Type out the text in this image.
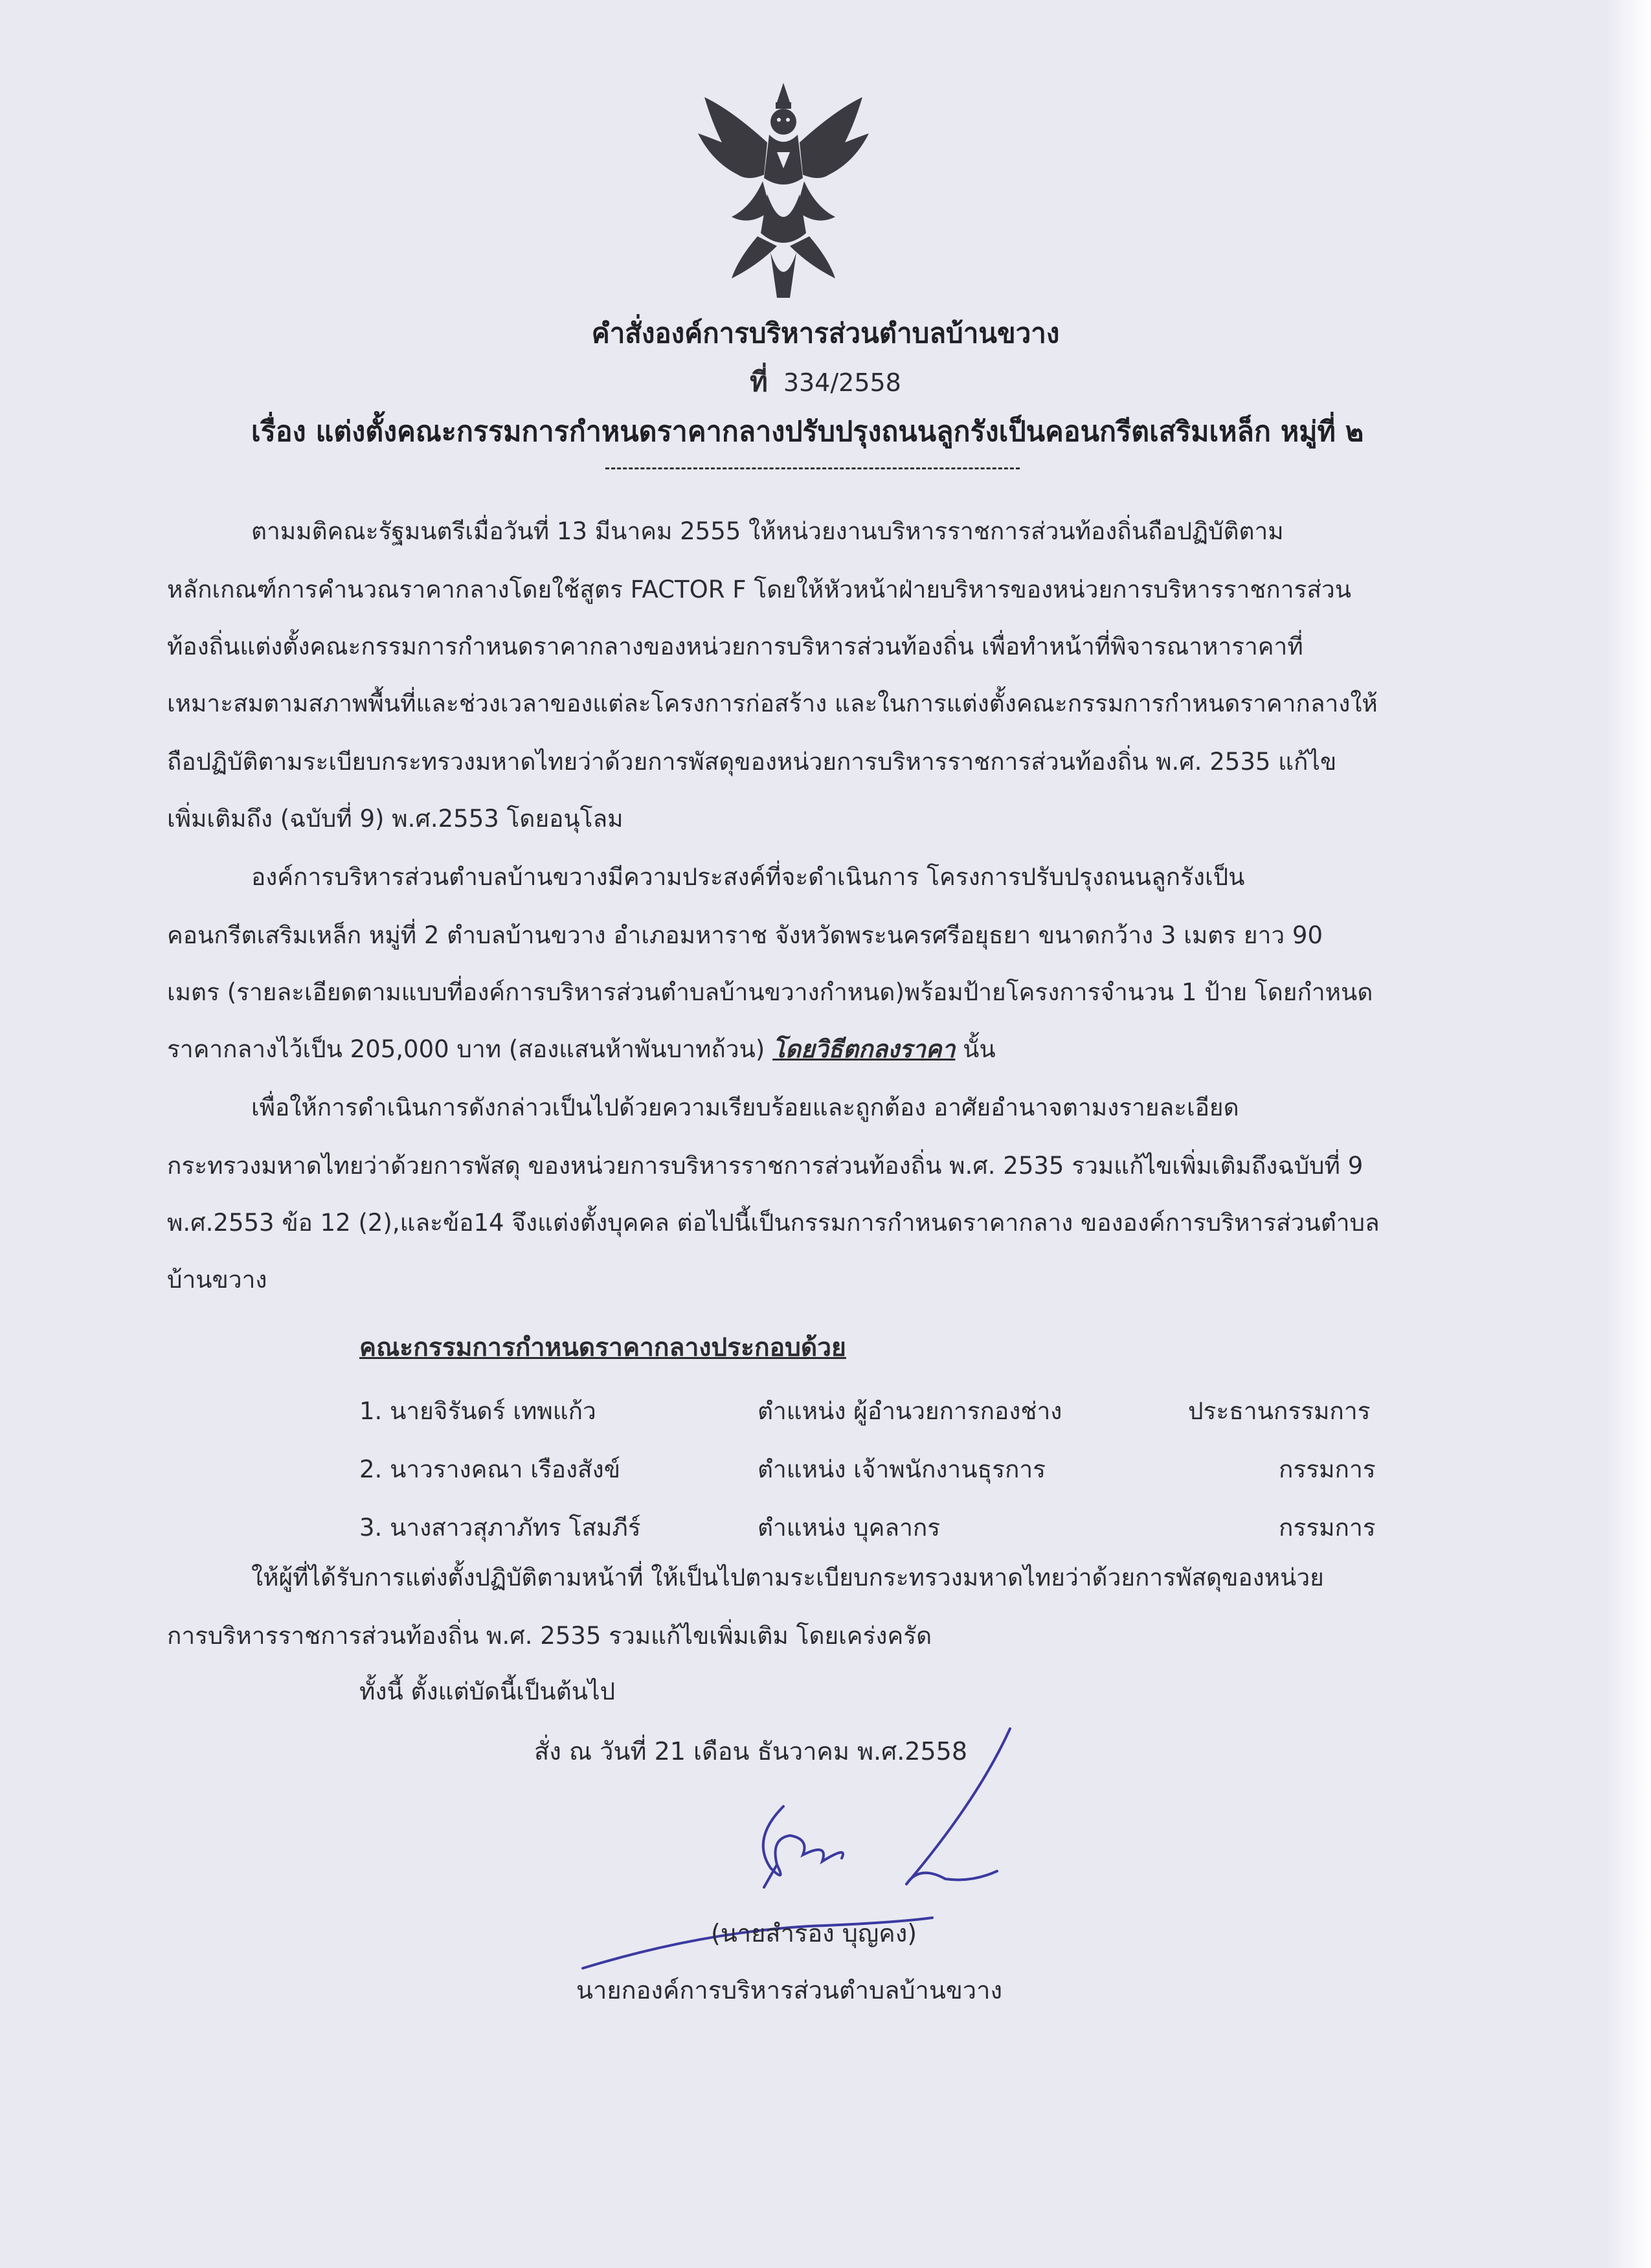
คำสั่งองค์การบริหารส่วนตำบลบ้านขวาง
ที่ 334/2558
เรื่อง แต่งตั้งคณะกรรมการกำหนดราคากลางปรับปรุงถนนลูกรังเป็นคอนกรีตเสริมเหล็ก หมู่ที่ ๒
ตามมติคณะรัฐมนตรีเมื่อวันที่ 13 มีนาคม 2555 ให้หน่วยงานบริหารราชการส่วนท้องถิ่นถือปฏิบัติตาม
หลักเกณฑ์การคำนวณราคากลางโดยใช้สูตร FACTOR F โดยให้หัวหน้าฝ่ายบริหารของหน่วยการบริหารราชการส่วน
ท้องถิ่นแต่งตั้งคณะกรรมการกำหนดราคากลางของหน่วยการบริหารส่วนท้องถิ่น เพื่อทำหน้าที่พิจารณาหาราคาที่
เหมาะสมตามสภาพพื้นที่และช่วงเวลาของแต่ละโครงการก่อสร้าง และในการแต่งตั้งคณะกรรมการกำหนดราคากลางให้
ถือปฏิบัติตามระเบียบกระทรวงมหาดไทยว่าด้วยการพัสดุของหน่วยการบริหารราชการส่วนท้องถิ่น พ.ศ. 2535 แก้ไข
เพิ่มเติมถึง (ฉบับที่ 9) พ.ศ.2553 โดยอนุโลม
องค์การบริหารส่วนตำบลบ้านขวางมีความประสงค์ที่จะดำเนินการ โครงการปรับปรุงถนนลูกรังเป็น
คอนกรีตเสริมเหล็ก หมู่ที่ 2 ตำบลบ้านขวาง อำเภอมหาราช จังหวัดพระนครศรีอยุธยา ขนาดกว้าง 3 เมตร ยาว 90
เมตร (รายละเอียดตามแบบที่องค์การบริหารส่วนตำบลบ้านขวางกำหนด)พร้อมป้ายโครงการจำนวน 1 ป้าย โดยกำหนด
ราคากลางไว้เป็น 205,000 บาท (สองแสนห้าพันบาทถ้วน) โดยวิธีตกลงราคา นั้น
เพื่อให้การดำเนินการดังกล่าวเป็นไปด้วยความเรียบร้อยและถูกต้อง อาศัยอำนาจตามงรายละเอียด
กระทรวงมหาดไทยว่าด้วยการพัสดุ ของหน่วยการบริหารราชการส่วนท้องถิ่น พ.ศ. 2535 รวมแก้ไขเพิ่มเติมถึงฉบับที่ 9
พ.ศ.2553 ข้อ 12 (2),และข้อ14 จึงแต่งตั้งบุคคล ต่อไปนี้เป็นกรรมการกำหนดราคากลาง ขององค์การบริหารส่วนตำบล
บ้านขวาง
คณะกรรมการกำหนดราคากลางประกอบด้วย
1. นายจิรันดร์ เทพแก้ว	ตำแหน่ง ผู้อำนวยการกองช่าง	ประธานกรรมการ
2. นาวรางคณา เรืองสังข์	ตำแหน่ง เจ้าพนักงานธุรการ	กรรมการ
3. นางสาวสุภาภัทร โสมภีร์	ตำแหน่ง บุคลากร	กรรมการ
ให้ผู้ที่ได้รับการแต่งตั้งปฏิบัติตามหน้าที่ ให้เป็นไปตามระเบียบกระทรวงมหาดไทยว่าด้วยการพัสดุของหน่วย
การบริหารราชการส่วนท้องถิ่น พ.ศ. 2535 รวมแก้ไขเพิ่มเติม โดยเคร่งครัด
ทั้งนี้ ตั้งแต่บัดนี้เป็นต้นไป
สั่ง ณ วันที่ 21 เดือน ธันวาคม พ.ศ.2558
(นายสำรอง บุญคง)
นายกองค์การบริหารส่วนตำบลบ้านขวาง
